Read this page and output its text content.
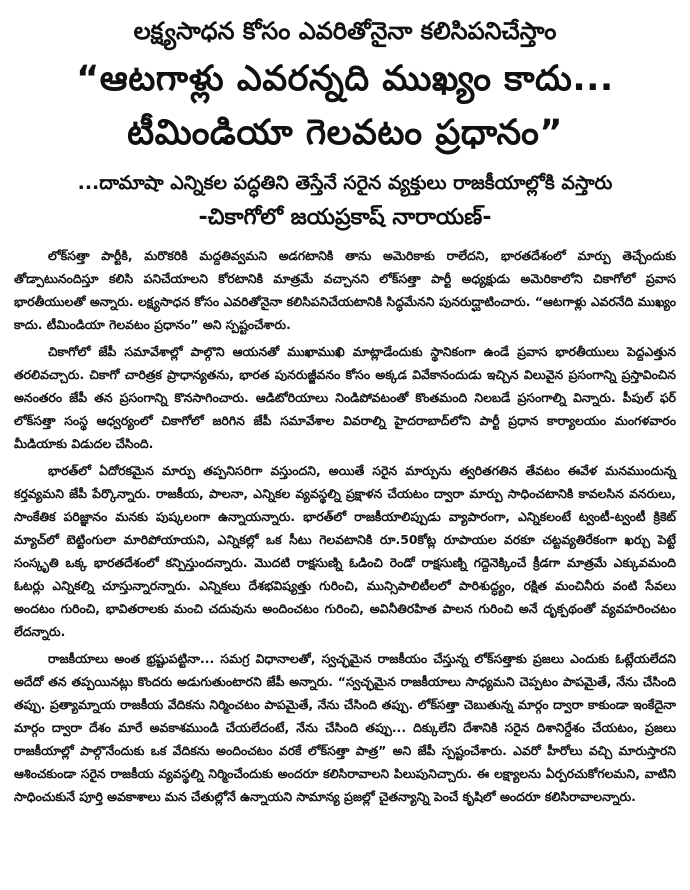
లక్ష్యసాధన కోసం ఎవరితోనైనా కలిసిపనిచేస్తాం
“ఆటగాళ్లు ఎవరన్నది ముఖ్యం కాదు...
టీమిండియా గెలవటం ప్రధానం”
...దామాషా ఎన్నికల పద్ధతిని తెస్తేనే సరైన వ్యక్తులు రాజకీయాల్లోకి వస్తారు
-చికాగోలో జయప్రకాష్ నారాయణ్-

లోక్‌సత్తా పార్టీకి, మరొకరికి మద్దతివ్వమని అడగటానికి తాను అమెరికాకు రాలేదని, భారతదేశంలో మార్పు తెచ్చేందుకు తోడ్పాటునందిస్తూ కలిసి పనిచేయాలని కోరటానికి మాత్రమే వచ్చానని లోక్‌సత్తా పార్టీ అధ్యక్షుడు అమెరికాలోని చికాగోలో ప్రవాస భారతీయులతో అన్నారు. లక్ష్యసాధన కోసం ఎవరితోనైనా కలిసిపనిచేయటానికి సిద్ధమేనని పునరుద్ఘాటించారు. “ఆటగాళ్లు ఎవరనేది ముఖ్యం కాదు. టీమిండియా గెలవటం ప్రధానం” అని స్పష్టంచేశారు.

చికాగోలో జేపీ సమావేశాల్లో పాల్గొని ఆయనతో ముఖాముఖి మాట్లాడేందుకు స్థానికంగా ఉండే ప్రవాస భారతీయులు పెద్దఎత్తున తరలివచ్చారు. చికాగో చారిత్రక ప్రాధాన్యతను, భారత పునరుజ్జీవనం కోసం అక్కడ వివేకానందుడు ఇచ్చిన విలువైన ప్రసంగాన్ని ప్రస్తావించిన అనంతరం జేపీ తన ప్రసంగాన్ని కొనసాగించారు. ఆడిటోరియాలు నిండిపోవటంతో కొంతమంది నిలబడే ప్రసంగాల్ని విన్నారు. పీపుల్ ఫర్ లోక్‌సత్తా సంస్థ ఆధ్వర్యంలో చికాగోలో జరిగిన జేపీ సమావేశాల వివరాల్ని హైదరాబాద్‌లోని పార్టీ ప్రధాన కార్యాలయం మంగళవారం మీడియాకు విడుదల చేసింది.

భారత్‌లో ఏదోరకమైన మార్పు తప్పనిసరిగా వస్తుందని, అయితే సరైన మార్పును త్వరితగతిన తేవటం ఈవేళ మనముందున్న కర్తవ్యమని జేపీ పేర్కొన్నారు. రాజకీయ, పాలనా, ఎన్నికల వ్యవస్థల్ని ప్రక్షాళన చేయటం ద్వారా మార్పు సాధించటానికి కావలసిన వనరులు, సాంకేతిక పరిజ్ఞానం మనకు పుష్కలంగా ఉన్నాయన్నారు. భారత్‌లో రాజకీయాలిప్పుడు వ్యాపారంగా, ఎన్నికలంటే ట్వంటీ-ట్వంటీ క్రికెట్ మ్యాచ్‌లో బెట్టింగులా మారిపోయాయని, ఎన్నికల్లో ఒక సీటు గెలవటానికి రూ.50కోట్ల రూపాయల వరకూ చట్టవ్యతిరేకంగా ఖర్చు పెట్టే సంస్కృతి ఒక్క భారతదేశంలో కన్పిస్తుందన్నారు. మొదటి రాక్షసుణ్ని ఓడించి రెండో రాక్షసుణ్ని గద్దెనెక్కించే క్రీడగా మాత్రమే ఎక్కువమంది ఓటర్లు ఎన్నికల్ని చూస్తున్నారన్నారు. ఎన్నికలు దేశభవిష్యత్తు గురించి, మున్సిపాలిటీలలో పారిశుద్ధ్యం, రక్షిత మంచినీరు వంటి సేవలు అందటం గురించి, భావితరాలకు మంచి చదువును అందించటం గురించి, అవినీతిరహిత పాలన గురించి అనే దృక్పథంతో వ్యవహరించటం లేదన్నారు.

రాజకీయాలు అంత భ్రష్టుపట్టినా... సమగ్ర విధానాలతో, స్వచ్ఛమైన రాజకీయం చేస్తున్న లోక్‌సత్తాకు ప్రజలు ఎందుకు ఓట్లేయలేదని అదేదో తన తప్పయినట్లు కొందరు అడుగుతుంటారని జేపీ అన్నారు. “స్వచ్ఛమైన రాజకీయాలు సాధ్యమని చెప్పటం పాపమైతే, నేను చేసింది తప్పు. ప్రత్యామ్నాయ రాజకీయ వేదికను నిర్మించటం పాపమైతే, నేను చేసింది తప్పు. లోక్‌సత్తా చెబుతున్న మార్గం ద్వారా కాకుండా ఇంకేదైనా మార్గం ద్వారా దేశం మారే అవకాశముండి చేయలేదంటే, నేను చేసింది తప్పు... దిక్కులేని దేశానికి సరైన దిశానిర్దేశం చేయటం, ప్రజలు రాజకీయాల్లో పాల్గొనేందుకు ఒక వేదికను అందించటం వరకే లోక్‌సత్తా పాత్ర” అని జేపీ స్పష్టంచేశారు. ఎవరో హీరోలు వచ్చి మారుస్తారని ఆశించకుండా సరైన రాజకీయ వ్యవస్థల్ని నిర్మించేందుకు అందరూ కలిసిరావాలని పిలుపునిచ్చారు. ఈ లక్ష్యాలను ఏర్పరచుకోగలమని, వాటిని సాధించుకునే పూర్తి అవకాశాలు మన చేతుల్లోనే ఉన్నాయని సామాన్య ప్రజల్లో చైతన్యాన్ని పెంచే కృషిలో అందరూ కలిసిరావాలన్నారు.
